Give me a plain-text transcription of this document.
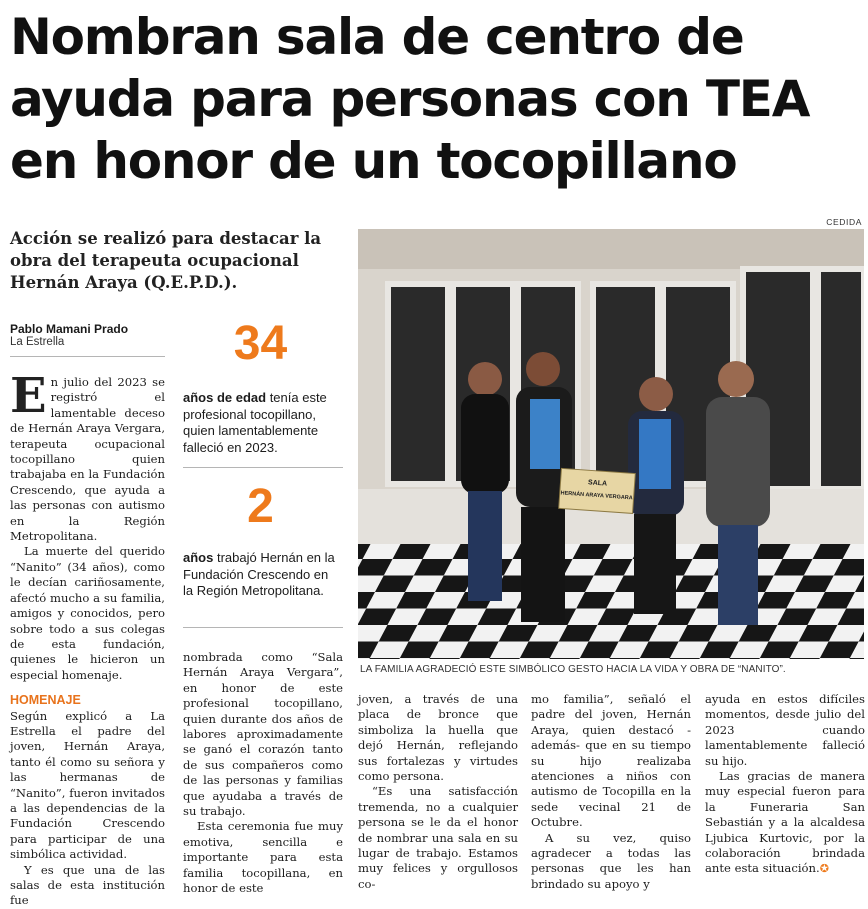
Nombran sala de centro de ayuda para personas con TEA en honor de un tocopillano
Acción se realizó para destacar la obra del terapeuta ocupacional Hernán Araya (Q.E.P.D.).
Pablo Mamani Prado
La Estrella

En julio del 2023 se registró el lamentable deceso de Hernán Araya Vergara, terapeuta ocupacional tocopillano quien trabajaba en la Fundación Crescendo, que ayuda a las personas con autismo en la Región Metropolitana.

La muerte del querido “Nanito” (34 años), como le decían cariñosamente, afectó mucho a su familia, amigos y conocidos, pero sobre todo a sus colegas de esta fundación, quienes le hicieron un especial homenaje.

HOMENAJE

Según explicó a La Estrella el padre del joven, Hernán Araya, tanto él como su señora y las hermanas de “Nanito”, fueron invitados a las dependencias de la Fundación Crescendo para participar de una simbólica actividad.

Y es que una de las salas de esta institución fue

34
años de edad tenía este profesional tocopillano, quien lamentablemente falleció en 2023.
2
años trabajó Hernán en la Fundación Crescendo en la Región Metropolitana.

nombrada como “Sala Hernán Araya Vergara”, en honor de este profesional tocopillano, quien durante dos años de labores aproximadamente se ganó el corazón tanto de sus compañeros como de las personas y familias que ayudaba a través de su trabajo.

Esta ceremonia fue muy emotiva, sencilla e importante para esta familia tocopillana, en honor de este

CEDIDA
SALA
HERNÁN ARAYA VERGARA
LA FAMILIA AGRADECIÓ ESTE SIMBÓLICO GESTO HACIA LA VIDA Y OBRA DE “NANITO”.

joven, a través de una placa de bronce que simboliza la huella que dejó Hernán, reflejando sus fortalezas y virtudes como persona.

“Es una satisfacción tremenda, no a cualquier persona se le da el honor de nombrar una sala en su lugar de trabajo. Estamos muy felices y orgullosos co-

mo familia”, señaló el padre del joven, Hernán Araya, quien destacó -además- que en su tiempo su hijo realizaba atenciones a niños con autismo de Tocopilla en la sede vecinal 21 de Octubre.

A su vez, quiso agradecer a todas las personas que les han brindado su apoyo y

ayuda en estos difíciles momentos, desde julio del 2023 cuando lamentablemente falleció su hijo.

Las gracias de manera muy especial fueron para la Funeraria San Sebastián y a la alcaldesa Ljubica Kurtovic, por la colaboración brindada ante esta situación.✪
